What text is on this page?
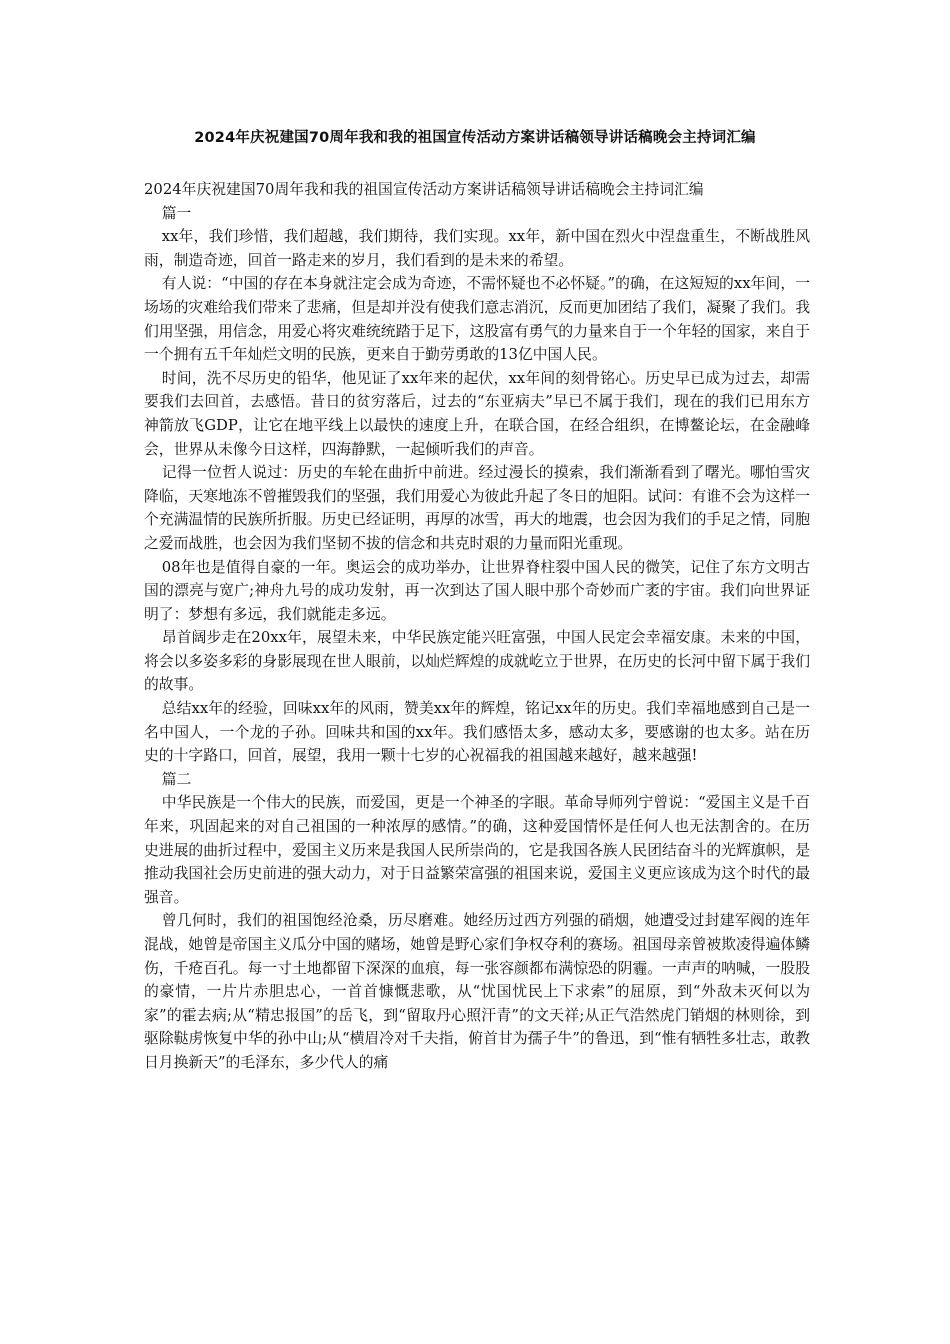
2024年庆祝建国70周年我和我的祖国宣传活动方案讲话稿领导讲话稿晚会主持词汇编

2024年庆祝建国70周年我和我的祖国宣传活动方案讲话稿领导讲话稿晚会主持词汇编

篇一

xx年，我们珍惜，我们超越，我们期待，我们实现。xx年，新中国在烈火中涅盘重生，不断战胜风雨，制造奇迹，回首一路走来的岁月，我们看到的是未来的希望。

有人说：“中国的存在本身就注定会成为奇迹，不需怀疑也不必怀疑。”的确，在这短短的xx年间，一场场的灾难给我们带来了悲痛，但是却并没有使我们意志消沉，反而更加团结了我们，凝聚了我们。我们用坚强，用信念，用爱心将灾难统统踏于足下，这股富有勇气的力量来自于一个年轻的国家，来自于一个拥有五千年灿烂文明的民族，更来自于勤劳勇敢的13亿中国人民。

时间，洗不尽历史的铅华，他见证了xx年来的起伏，xx年间的刻骨铭心。历史早已成为过去，却需要我们去回首，去感悟。昔日的贫穷落后，过去的“东亚病夫”早已不属于我们，现在的我们已用东方神箭放飞GDP，让它在地平线上以最快的速度上升，在联合国，在经合组织，在博鳌论坛，在金融峰会，世界从未像今日这样，四海静默，一起倾听我们的声音。

记得一位哲人说过：历史的车轮在曲折中前进。经过漫长的摸索，我们渐渐看到了曙光。哪怕雪灾降临，天寒地冻不曾摧毁我们的坚强，我们用爱心为彼此升起了冬日的旭阳。试问：有谁不会为这样一个充满温情的民族所折服。历史已经证明，再厚的冰雪，再大的地震，也会因为我们的手足之情，同胞之爱而战胜，也会因为我们坚韧不拔的信念和共克时艰的力量而阳光重现。

08年也是值得自豪的一年。奥运会的成功举办，让世界脊柱裂中国人民的微笑，记住了东方文明古国的漂亮与宽广;神舟九号的成功发射，再一次到达了国人眼中那个奇妙而广袤的宇宙。我们向世界证明了：梦想有多远，我们就能走多远。

昂首阔步走在20xx年，展望未来，中华民族定能兴旺富强，中国人民定会幸福安康。未来的中国，将会以多姿多彩的身影展现在世人眼前，以灿烂辉煌的成就屹立于世界，在历史的长河中留下属于我们的故事。

总结xx年的经验，回味xx年的风雨，赞美xx年的辉煌，铭记xx年的历史。我们幸福地感到自己是一名中国人，一个龙的子孙。回味共和国的xx年。我们感悟太多，感动太多，要感谢的也太多。站在历史的十字路口，回首，展望，我用一颗十七岁的心祝福我的祖国越来越好，越来越强!

篇二

中华民族是一个伟大的民族，而爱国，更是一个神圣的字眼。革命导师列宁曾说：“爱国主义是千百年来，巩固起来的对自己祖国的一种浓厚的感情。”的确，这种爱国情怀是任何人也无法割舍的。在历史进展的曲折过程中，爱国主义历来是我国人民所崇尚的，它是我国各族人民团结奋斗的光辉旗帜，是推动我国社会历史前进的强大动力，对于日益繁荣富强的祖国来说，爱国主义更应该成为这个时代的最强音。

曾几何时，我们的祖国饱经沧桑，历尽磨难。她经历过西方列强的硝烟，她遭受过封建军阀的连年混战，她曾是帝国主义瓜分中国的赌场，她曾是野心家们争权夺利的赛场。祖国母亲曾被欺凌得遍体鳞伤，千疮百孔。每一寸土地都留下深深的血痕，每一张容颜都布满惊恐的阴霾。一声声的呐喊，一股股的豪情，一片片赤胆忠心，一首首慷慨悲歌，从“忧国忧民上下求索”的屈原，到“外敌未灭何以为家”的霍去病;从“精忠报国”的岳飞，到“留取丹心照汗青”的文天祥;从正气浩然虎门销烟的林则徐，到驱除鞑虏恢复中华的孙中山;从“横眉冷对千夫指，俯首甘为孺子牛”的鲁迅，到“惟有牺牲多壮志，敢教日月换新天”的毛泽东，多少代人的痛
